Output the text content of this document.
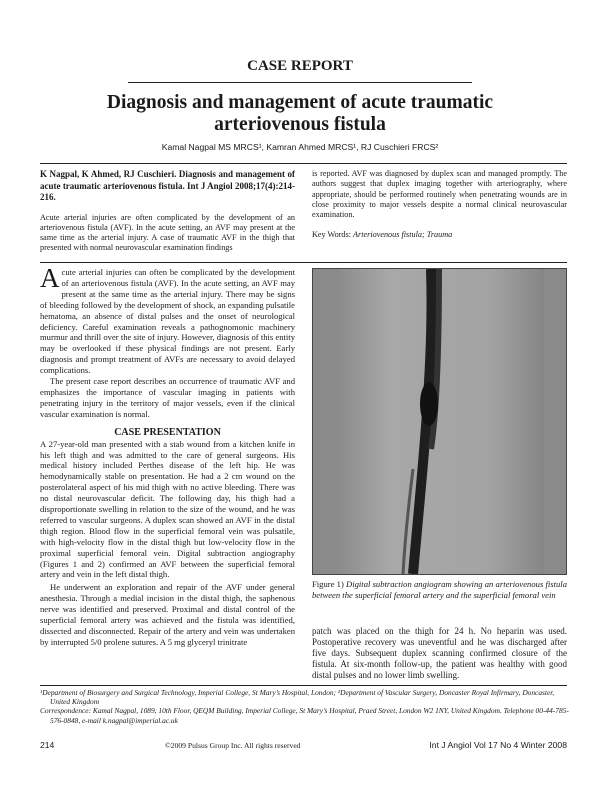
CASE REPORT
Diagnosis and management of acute traumatic
arteriovenous fistula
Kamal Nagpal MS MRCS¹, Kamran Ahmed MRCS¹, RJ Cuschieri FRCS²

K Nagpal, K Ahmed, RJ Cuschieri. Diagnosis and management of acute traumatic arteriovenous fistula. Int J Angiol 2008;17(4):214-216.

Acute arterial injuries are often complicated by the development of an arteriovenous fistula (AVF). In the acute setting, an AVF may present at the same time as the arterial injury. A case of traumatic AVF in the thigh that presented with normal neurovascular examination findings

is reported. AVF was diagnosed by duplex scan and managed promptly. The authors suggest that duplex imaging together with arteriography, where appropriate, should be performed routinely when penetrating wounds are in close proximity to major vessels despite a normal clinical neurovascular examination.

Key Words: Arteriovenous fistula; Trauma

Acute arterial injuries can often be complicated by the development of an arteriovenous fistula (AVF). In the acute setting, an AVF may present at the same time as the arterial injury. There may be signs of bleeding followed by the development of shock, an expanding pulsatile hematoma, an absence of distal pulses and the onset of neurological deficiency. Careful examination reveals a pathognomonic machinery murmur and thrill over the site of injury. However, diagnosis of this entity may be overlooked if these physical findings are not present. Early diagnosis and prompt treatment of AVFs are necessary to avoid delayed complications.

The present case report describes an occurrence of traumatic AVF and emphasizes the importance of vascular imaging in patients with penetrating injury in the territory of major vessels, even if the clinical vascular examination is normal.

CASE PRESENTATION

A 27-year-old man presented with a stab wound from a kitchen knife in his left thigh and was admitted to the care of general surgeons. His medical history included Perthes disease of the left hip. He was hemodynamically stable on presentation. He had a 2 cm wound on the posterolateral aspect of his mid thigh with no active bleeding. There was no distal neurovascular deficit. The following day, his thigh had a disproportionate swelling in relation to the size of the wound, and he was referred to vascular surgeons. A duplex scan showed an AVF in the distal thigh region. Blood flow in the superficial femoral vein was pulsatile, with high-velocity flow in the distal thigh but low-velocity flow in the proximal superficial femoral vein. Digital subtraction angiography (Figures 1 and 2) confirmed an AVF between the superficial femoral artery and vein in the left distal thigh.

He underwent an exploration and repair of the AVF under general anesthesia. Through a medial incision in the distal thigh, the saphenous nerve was identified and preserved. Proximal and distal control of the superficial femoral artery was achieved and the fistula was identified, dissected and disconnected. Repair of the artery and vein was undertaken by interrupted 5/0 prolene sutures. A 5 mg glyceryl trinitrate

Figure 1) Digital subtraction angiogram showing an arteriovenous fistula between the superficial femoral artery and the superficial femoral vein

patch was placed on the thigh for 24 h. No heparin was used. Postoperative recovery was uneventful and he was discharged after five days. Subsequent duplex scanning confirmed closure of the fistula. At six-month follow-up, the patient was healthy with good distal pulses and no lower limb swelling.

¹Department of Biosurgery and Surgical Technology, Imperial College, St Mary’s Hospital, London; ²Department of Vascular Surgery, Doncaster Royal Infirmary, Doncaster, United Kingdom
Correspondence: Kamal Nagpal, 1089, 10th Floor, QEQM Building, Imperial College, St Mary’s Hospital, Praed Street, London W2 1NY, United Kingdom. Telephone 00-44-785-576-0848, e-mail k.nagpal@imperial.ac.uk
214	©2009 Pulsus Group Inc. All rights reserved	Int J Angiol Vol 17 No 4 Winter 2008
